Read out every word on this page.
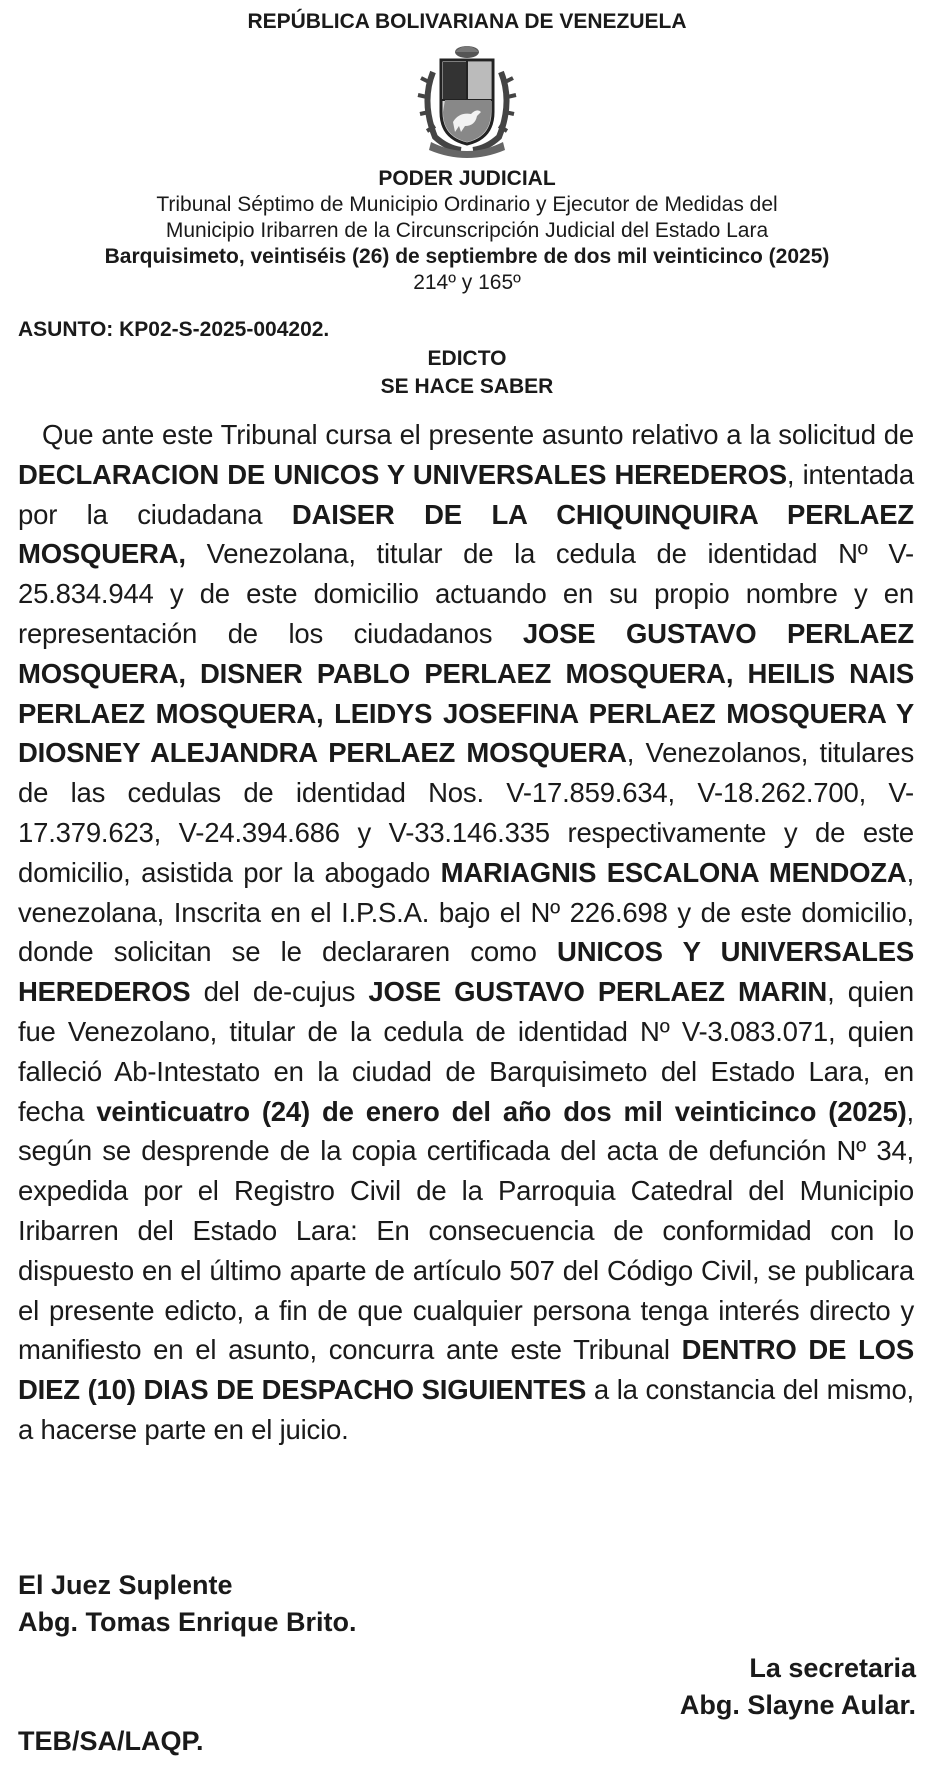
REPÚBLICA BOLIVARIANA DE VENEZUELA
PODER JUDICIAL
Tribunal Séptimo de Municipio Ordinario y Ejecutor de Medidas del
Municipio Iribarren de la Circunscripción Judicial del Estado Lara
Barquisimeto, veintiséis (26) de septiembre de dos mil veinticinco (2025)
214º y 165º
ASUNTO: KP02-S-2025-004202.
EDICTO
SE HACE SABER
Que ante este Tribunal cursa el presente asunto relativo a la solicitud de DECLARACION DE UNICOS Y UNIVERSALES HEREDEROS, intentada por la ciudadana DAISER DE LA CHIQUINQUIRA PERLAEZ MOSQUERA, Venezolana, titular de la cedula de identidad Nº V-25.834.944 y de este domicilio actuando en su propio nombre y en representación de los ciudadanos JOSE GUSTAVO PERLAEZ MOSQUERA, DISNER PABLO PERLAEZ MOSQUERA, HEILIS NAIS PERLAEZ MOSQUERA, LEIDYS JOSEFINA PERLAEZ MOSQUERA Y DIOSNEY ALEJANDRA PERLAEZ MOSQUERA, Venezolanos, titulares de las cedulas de identidad Nos. V-17.859.634, V-18.262.700, V-17.379.623, V-24.394.686 y V-33.146.335 respectivamente y de este domicilio, asistida por la abogado MARIAGNIS ESCALONA MENDOZA, venezolana, Inscrita en el I.P.S.A. bajo el Nº 226.698 y de este domicilio, donde solicitan se le declararen como UNICOS Y UNIVERSALES HEREDEROS del de-cujus JOSE GUSTAVO PERLAEZ MARIN, quien fue Venezolano, titular de la cedula de identidad Nº V-3.083.071, quien falleció Ab-Intestato en la ciudad de Barquisimeto del Estado Lara, en fecha veinticuatro (24) de enero del año dos mil veinticinco (2025), según se desprende de la copia certificada del acta de defunción Nº 34, expedida por el Registro Civil de la Parroquia Catedral del Municipio Iribarren del Estado Lara: En consecuencia de conformidad con lo dispuesto en el último aparte de artículo 507 del Código Civil, se publicara el presente edicto, a fin de que cualquier persona tenga interés directo y manifiesto en el asunto, concurra ante este Tribunal DENTRO DE LOS DIEZ (10) DIAS DE DESPACHO SIGUIENTES a la constancia del mismo, a hacerse parte en el juicio.
El Juez Suplente
Abg. Tomas Enrique Brito.
La secretaria
Abg. Slayne Aular.
TEB/SA/LAQP.
